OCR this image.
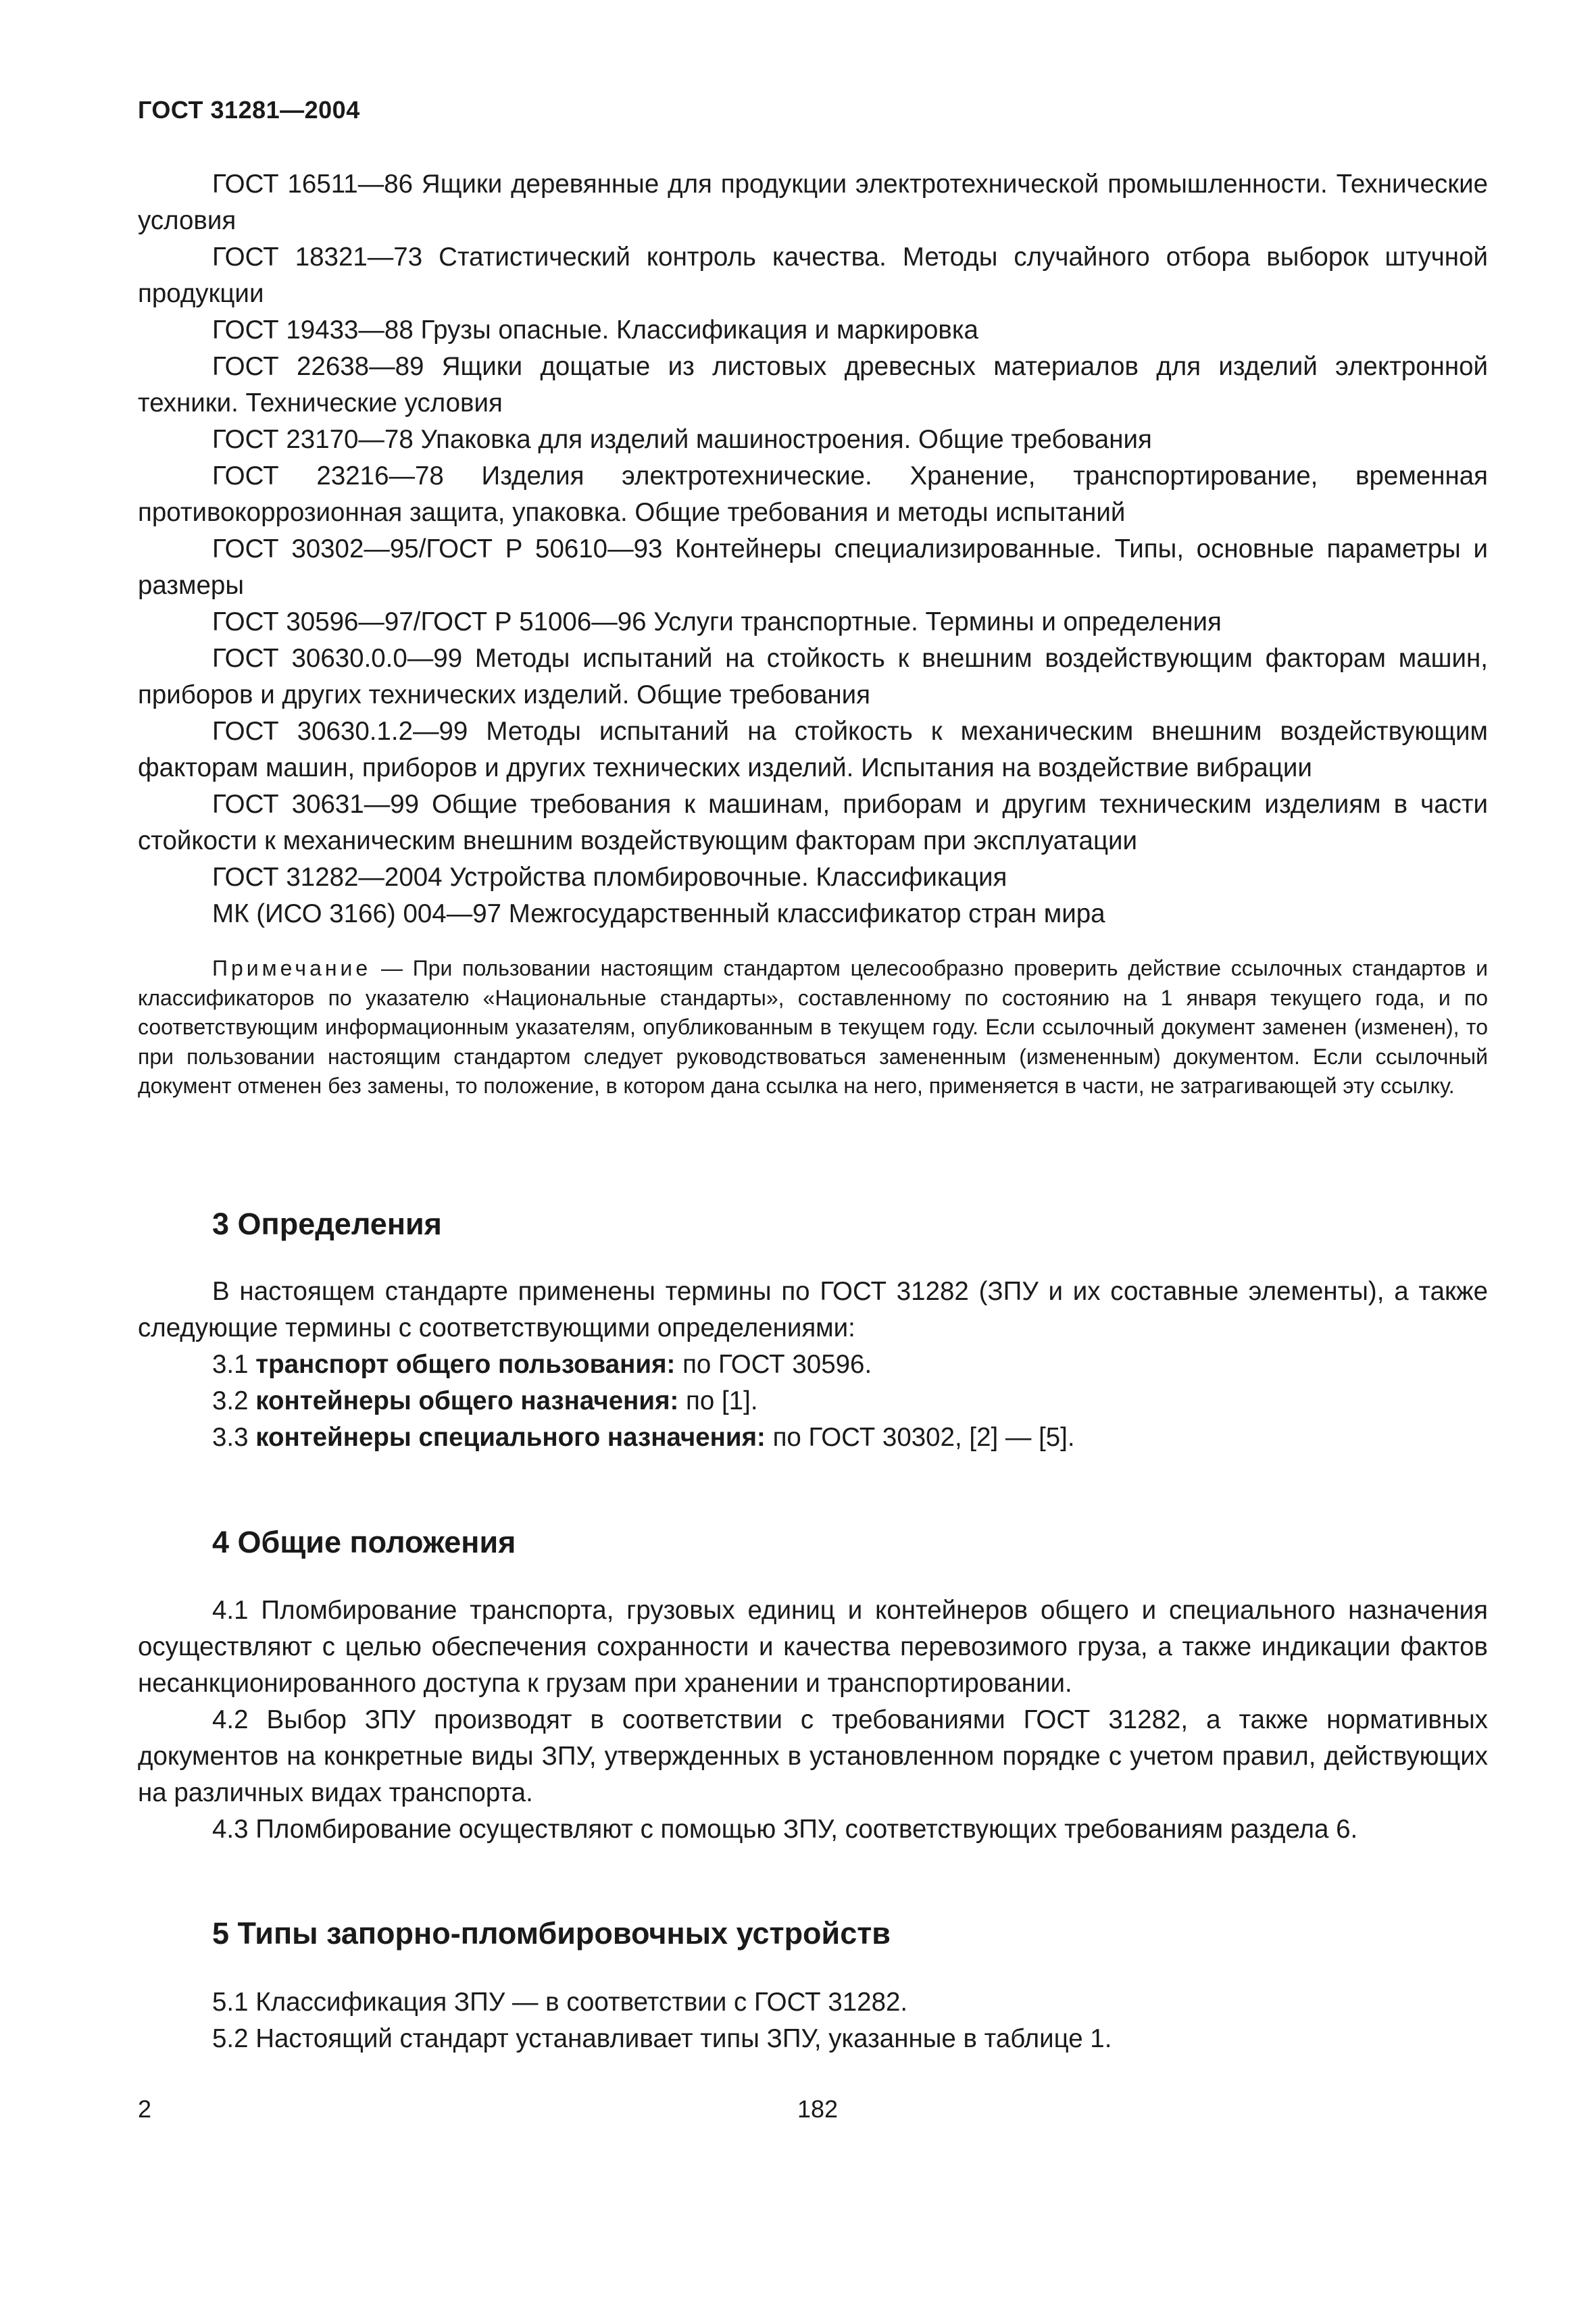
ГОСТ 31281—2004

ГОСТ 16511—86 Ящики деревянные для продукции электротехнической промышленности. Технические условия

ГОСТ 18321—73 Статистический контроль качества. Методы случайного отбора выборок штучной продукции

ГОСТ 19433—88 Грузы опасные. Классификация и маркировка

ГОСТ 22638—89 Ящики дощатые из листовых древесных материалов для изделий электронной техники. Технические условия

ГОСТ 23170—78 Упаковка для изделий машиностроения. Общие требования

ГОСТ 23216—78 Изделия электротехнические. Хранение, транспортирование, временная противокоррозионная защита, упаковка. Общие требования и методы испытаний

ГОСТ 30302—95/ГОСТ Р 50610—93 Контейнеры специализированные. Типы, основные параметры и размеры

ГОСТ 30596—97/ГОСТ Р 51006—96 Услуги транспортные. Термины и определения

ГОСТ 30630.0.0—99 Методы испытаний на стойкость к внешним воздействующим факторам машин, приборов и других технических изделий. Общие требования

ГОСТ 30630.1.2—99 Методы испытаний на стойкость к механическим внешним воздействующим факторам машин, приборов и других технических изделий. Испытания на воздействие вибрации

ГОСТ 30631—99 Общие требования к машинам, приборам и другим техническим изделиям в части стойкости к механическим внешним воздействующим факторам при эксплуатации

ГОСТ 31282—2004 Устройства пломбировочные. Классификация

МК (ИСО 3166) 004—97 Межгосударственный классификатор стран мира

Примечание — При пользовании настоящим стандартом целесообразно проверить действие ссылочных стандартов и классификаторов по указателю «Национальные стандарты», составленному по состоянию на 1 января текущего года, и по соответствующим информационным указателям, опубликованным в текущем году. Если ссылочный документ заменен (изменен), то при пользовании настоящим стандартом следует руководствоваться замененным (измененным) документом. Если ссылочный документ отменен без замены, то положение, в котором дана ссылка на него, применяется в части, не затрагивающей эту ссылку.

3 Определения

В настоящем стандарте применены термины по ГОСТ 31282 (ЗПУ и их составные элементы), а также следующие термины с соответствующими определениями:

3.1 транспорт общего пользования: по ГОСТ 30596.

3.2 контейнеры общего назначения: по [1].

3.3 контейнеры специального назначения: по ГОСТ 30302, [2] — [5].

4 Общие положения

4.1 Пломбирование транспорта, грузовых единиц и контейнеров общего и специального назначения осуществляют с целью обеспечения сохранности и качества перевозимого груза, а также индикации фактов несанкционированного доступа к грузам при хранении и транспортировании.

4.2 Выбор ЗПУ производят в соответствии с требованиями ГОСТ 31282, а также нормативных документов на конкретные виды ЗПУ, утвержденных в установленном порядке с учетом правил, действующих на различных видах транспорта.

4.3 Пломбирование осуществляют с помощью ЗПУ, соответствующих требованиям раздела 6.

5 Типы запорно-пломбировочных устройств

5.1 Классификация ЗПУ — в соответствии с ГОСТ 31282.

5.2 Настоящий стандарт устанавливает типы ЗПУ, указанные в таблице 1.

2	182
